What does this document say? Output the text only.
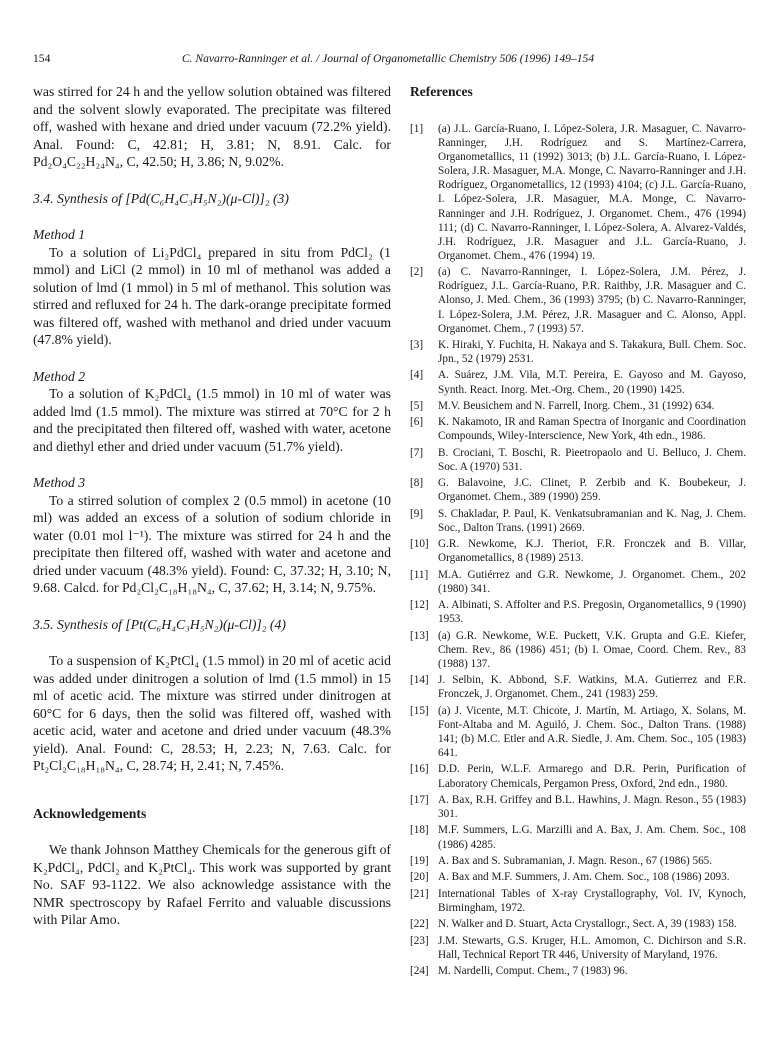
154	C. Navarro-Ranninger et al. / Journal of Organometallic Chemistry 506 (1996) 149–154

was stirred for 24 h and the yellow solution obtained was filtered and the solvent slowly evaporated. The precipitate was filtered off, washed with hexane and dried under vacuum (72.2% yield). Anal. Found: C, 42.81; H, 3.81; N, 8.91. Calc. for Pd₂O₄C₂₂H₂₄N₄, C, 42.50; H, 3.86; N, 9.02%.

3.4. Synthesis of [Pd(C₆H₄C₃H₅N₂)(μ-Cl)]₂ (3)

Method 1

To a solution of Li₂PdCl₄ prepared in situ from PdCl₂ (1 mmol) and LiCl (2 mmol) in 10 ml of methanol was added a solution of lmd (1 mmol) in 5 ml of methanol. This solution was stirred and refluxed for 24 h. The dark-orange precipitate formed was filtered off, washed with methanol and dried under vacuum (47.8% yield).

Method 2

To a solution of K₂PdCl₄ (1.5 mmol) in 10 ml of water was added lmd (1.5 mmol). The mixture was stirred at 70°C for 2 h and the precipitated then filtered off, washed with water, acetone and diethyl ether and dried under vacuum (51.7% yield).

Method 3

To a stirred solution of complex 2 (0.5 mmol) in acetone (10 ml) was added an excess of a solution of sodium chloride in water (0.01 mol l⁻¹). The mixture was stirred for 24 h and the precipitate then filtered off, washed with water and acetone and dried under vacuum (48.3% yield). Found: C, 37.32; H, 3.10; N, 9.68. Calcd. for Pd₂Cl₂C₁₈H₁₈N₄, C, 37.62; H, 3.14; N, 9.75%.

3.5. Synthesis of [Pt(C₆H₄C₃H₅N₂)(μ-Cl)]₂ (4)

To a suspension of K₂PtCl₄ (1.5 mmol) in 20 ml of acetic acid was added under dinitrogen a solution of lmd (1.5 mmol) in 15 ml of acetic acid. The mixture was stirred under dinitrogen at 60°C for 6 days, then the solid was filtered off, washed with acetic acid, water and acetone and dried under vacuum (48.3% yield). Anal. Found: C, 28.53; H, 2.23; N, 7.63. Calc. for Pt₂Cl₂C₁₈H₁₈N₄, C, 28.74; H, 2.41; N, 7.45%.

Acknowledgements

We thank Johnson Matthey Chemicals for the generous gift of K₂PdCl₄, PdCl₂ and K₂PtCl₄. This work was supported by grant No. SAF 93-1122. We also acknowledge assistance with the NMR spectroscopy by Rafael Ferrito and valuable discussions with Pilar Amo.

References
[1]	(a) J.L. García-Ruano, I. López-Solera, J.R. Masaguer, C. Navarro-Ranninger, J.H. Rodríguez and S. Martínez-Carrera, Organometallics, 11 (1992) 3013; (b) J.L. García-Ruano, I. López-Solera, J.R. Masaguer, M.A. Monge, C. Navarro-Ranninger and J.H. Rodríguez, Organometallics, 12 (1993) 4104; (c) J.L. García-Ruano, I. López-Solera, J.R. Masaguer, M.A. Monge, C. Navarro-Ranninger and J.H. Rodríguez, J. Organomet. Chem., 476 (1994) 111; (d) C. Navarro-Ranninger, I. López-Solera, A. Alvarez-Valdés, J.H. Rodríguez, J.R. Masaguer and J.L. García-Ruano, J. Organomet. Chem., 476 (1994) 19.
[2]	(a) C. Navarro-Ranninger, I. López-Solera, J.M. Pérez, J. Rodríguez, J.L. García-Ruano, P.R. Raithby, J.R. Masaguer and C. Alonso, J. Med. Chem., 36 (1993) 3795; (b) C. Navarro-Ranninger, I. López-Solera, J.M. Pérez, J.R. Masaguer and C. Alonso, Appl. Organomet. Chem., 7 (1993) 57.
[3]	K. Hiraki, Y. Fuchita, H. Nakaya and S. Takakura, Bull. Chem. Soc. Jpn., 52 (1979) 2531.
[4]	A. Suárez, J.M. Vila, M.T. Pereira, E. Gayoso and M. Gayoso, Synth. React. Inorg. Met.-Org. Chem., 20 (1990) 1425.
[5]	M.V. Beusichem and N. Farrell, Inorg. Chem., 31 (1992) 634.
[6]	K. Nakamoto, IR and Raman Spectra of Inorganic and Coordination Compounds, Wiley-Interscience, New York, 4th edn., 1986.
[7]	B. Crociani, T. Boschi, R. Pieetropaolo and U. Belluco, J. Chem. Soc. A (1970) 531.
[8]	G. Balavoine, J.C. Clinet, P. Zerbib and K. Boubekeur, J. Organomet. Chem., 389 (1990) 259.
[9]	S. Chakladar, P. Paul, K. Venkatsubramanian and K. Nag, J. Chem. Soc., Dalton Trans. (1991) 2669.
[10] G.R. Newkome, K.J. Theriot, F.R. Fronczek and B. Villar, Organometallics, 8 (1989) 2513.
[11] M.A. Gutiérrez and G.R. Newkome, J. Organomet. Chem., 202 (1980) 341.
[12] A. Albinati, S. Affolter and P.S. Pregosin, Organometallics, 9 (1990) 1953.
[13] (a) G.R. Newkome, W.E. Puckett, V.K. Grupta and G.E. Kiefer, Chem. Rev., 86 (1986) 451; (b) I. Omae, Coord. Chem. Rev., 83 (1988) 137.
[14] J. Selbin, K. Abbond, S.F. Watkins, M.A. Gutierrez and F.R. Fronczek, J. Organomet. Chem., 241 (1983) 259.
[15] (a) J. Vicente, M.T. Chicote, J. Martín, M. Artiago, X. Solans, M. Font-Altaba and M. Aguiló, J. Chem. Soc., Dalton Trans. (1988) 141; (b) M.C. Etler and A.R. Siedle, J. Am. Chem. Soc., 105 (1983) 641.
[16] D.D. Perin, W.L.F. Armarego and D.R. Perin, Purification of Laboratory Chemicals, Pergamon Press, Oxford, 2nd edn., 1980.
[17] A. Bax, R.H. Griffey and B.L. Hawhins, J. Magn. Reson., 55 (1983) 301.
[18] M.F. Summers, L.G. Marzilli and A. Bax, J. Am. Chem. Soc., 108 (1986) 4285.
[19] A. Bax and S. Subramanian, J. Magn. Reson., 67 (1986) 565.
[20] A. Bax and M.F. Summers, J. Am. Chem. Soc., 108 (1986) 2093.
[21] International Tables of X-ray Crystallography, Vol. IV, Kynoch, Birmingham, 1972.
[22] N. Walker and D. Stuart, Acta Crystallogr., Sect. A, 39 (1983) 158.
[23] J.M. Stewarts, G.S. Kruger, H.L. Amomon, C. Dichirson and S.R. Hall, Technical Report TR 446, University of Maryland, 1976.
[24] M. Nardelli, Comput. Chem., 7 (1983) 96.
